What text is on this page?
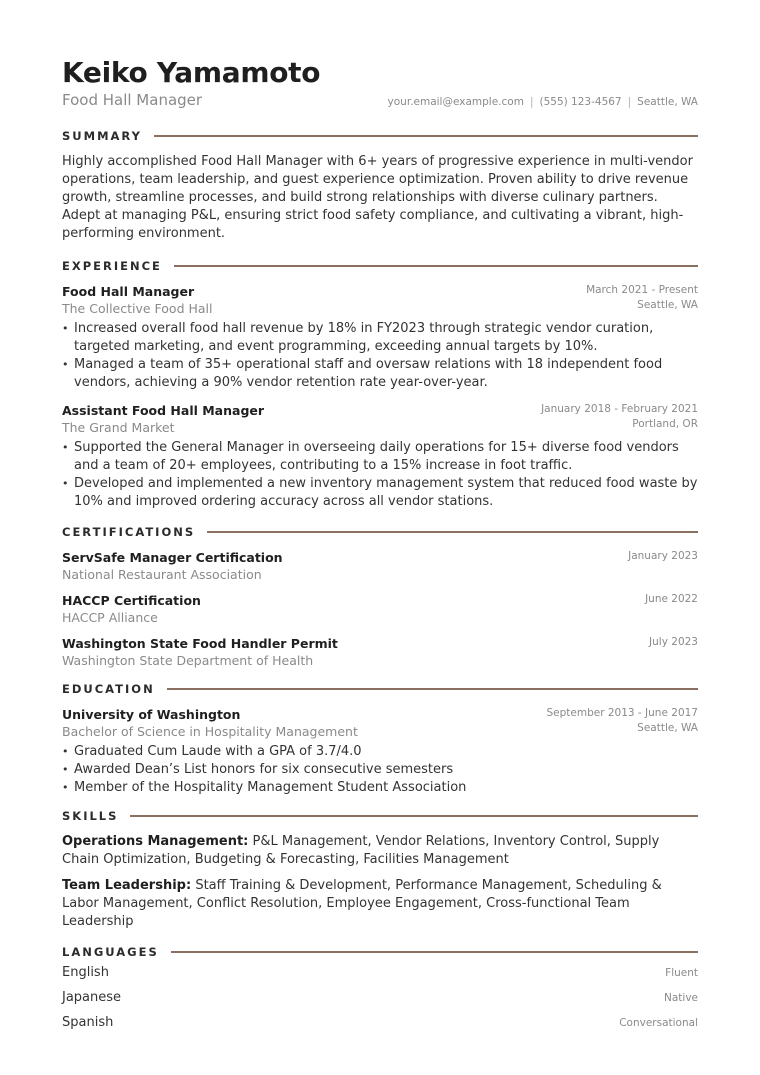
Keiko Yamamoto
Food Hall Manager	your.email@example.com | (555) 123-4567 | Seattle, WA
SUMMARY

Highly accomplished Food Hall Manager with 6+ years of progressive experience in multi-vendor operations, team leadership, and guest experience optimization. Proven ability to drive revenue growth, streamline processes, and build strong relationships with diverse culinary partners. Adept at managing P&L, ensuring strict food safety compliance, and cultivating a vibrant, high-performing environment.

EXPERIENCE
Food Hall Manager
The Collective Food Hall
March 2021 - Present
Seattle, WA
• Increased overall food hall revenue by 18% in FY2023 through strategic vendor curation, targeted marketing, and event programming, exceeding annual targets by 10%.
• Managed a team of 35+ operational staff and oversaw relations with 18 independent food vendors, achieving a 90% vendor retention rate year-over-year.
Assistant Food Hall Manager
The Grand Market
January 2018 - February 2021
Portland, OR
• Supported the General Manager in overseeing daily operations for 15+ diverse food vendors and a team of 20+ employees, contributing to a 15% increase in foot traffic.
• Developed and implemented a new inventory management system that reduced food waste by 10% and improved ordering accuracy across all vendor stations.
CERTIFICATIONS
ServSafe Manager Certification
National Restaurant Association
January 2023
HACCP Certification
HACCP Alliance
June 2022
Washington State Food Handler Permit
Washington State Department of Health
July 2023
EDUCATION
University of Washington
Bachelor of Science in Hospitality Management
September 2013 - June 2017
Seattle, WA
• Graduated Cum Laude with a GPA of 3.7/4.0
• Awarded Dean’s List honors for six consecutive semesters
• Member of the Hospitality Management Student Association
SKILLS
Operations Management: P&L Management, Vendor Relations, Inventory Control, Supply Chain Optimization, Budgeting & Forecasting, Facilities Management
Team Leadership: Staff Training & Development, Performance Management, Scheduling & Labor Management, Conflict Resolution, Employee Engagement, Cross-functional Team Leadership
LANGUAGES
English	Fluent
Japanese	Native
Spanish	Conversational
